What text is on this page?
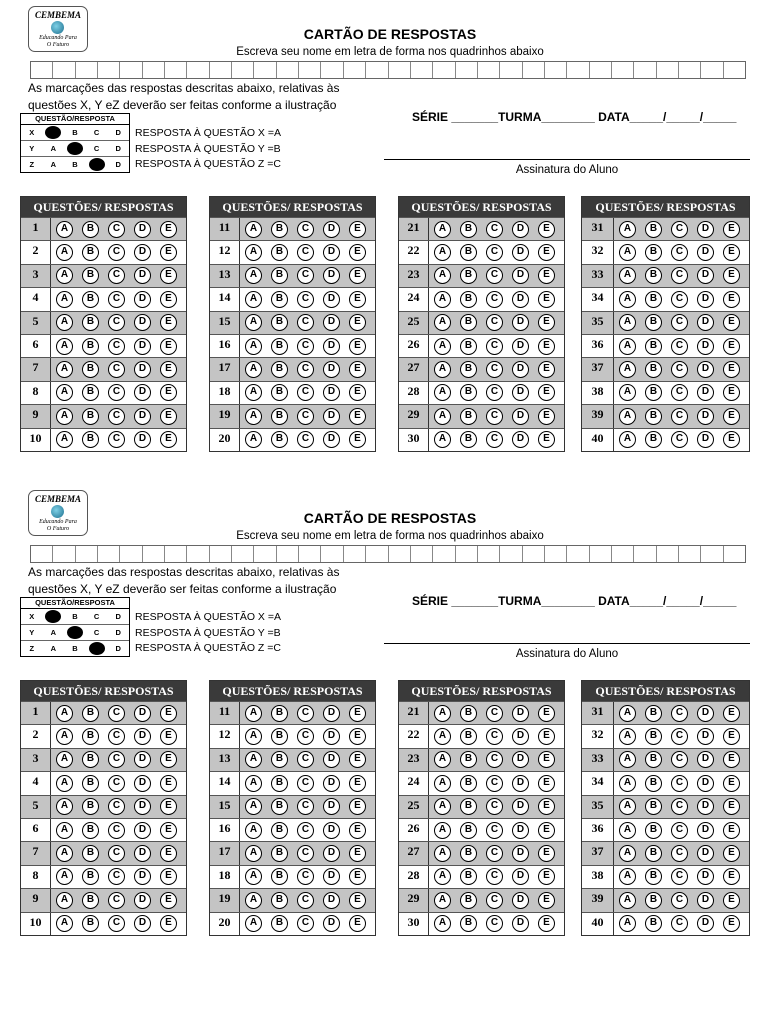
CEMBEMA
Educando Para
O Futuro
CARTÃO DE RESPOSTAS
Escreva seu nome em letra de forma nos quadrinhos abaixo
As marcações das respostas descritas abaixo, relativas às
questões X, Y eZ deverão ser feitas conforme a ilustração
QUESTÃO/RESPOSTA
X	B	C	D
Y	A	C	D
Z	A	B	D
RESPOSTA À QUESTÃO X =A
RESPOSTA À QUESTÃO Y =B
RESPOSTA À QUESTÃO Z =C
SÉRIE _______TURMA________ DATA_____/_____/_____
Assinatura do Aluno
QUESTÕES/ RESPOSTAS
1	A	B	C	D	E
2	A	B	C	D	E
3	A	B	C	D	E
4	A	B	C	D	E
5	A	B	C	D	E
6	A	B	C	D	E
7	A	B	C	D	E
8	A	B	C	D	E
9	A	B	C	D	E
10	A	B	C	D	E
QUESTÕES/ RESPOSTAS
11	A	B	C	D	E
12	A	B	C	D	E
13	A	B	C	D	E
14	A	B	C	D	E
15	A	B	C	D	E
16	A	B	C	D	E
17	A	B	C	D	E
18	A	B	C	D	E
19	A	B	C	D	E
20	A	B	C	D	E
QUESTÕES/ RESPOSTAS
21	A	B	C	D	E
22	A	B	C	D	E
23	A	B	C	D	E
24	A	B	C	D	E
25	A	B	C	D	E
26	A	B	C	D	E
27	A	B	C	D	E
28	A	B	C	D	E
29	A	B	C	D	E
30	A	B	C	D	E
QUESTÕES/ RESPOSTAS
31	A	B	C	D	E
32	A	B	C	D	E
33	A	B	C	D	E
34	A	B	C	D	E
35	A	B	C	D	E
36	A	B	C	D	E
37	A	B	C	D	E
38	A	B	C	D	E
39	A	B	C	D	E
40	A	B	C	D	E
CEMBEMA
Educando Para
O Futuro
CARTÃO DE RESPOSTAS
Escreva seu nome em letra de forma nos quadrinhos abaixo
As marcações das respostas descritas abaixo, relativas às
questões X, Y eZ deverão ser feitas conforme a ilustração
QUESTÃO/RESPOSTA
X	B	C	D
Y	A	C	D
Z	A	B	D
RESPOSTA À QUESTÃO X =A
RESPOSTA À QUESTÃO Y =B
RESPOSTA À QUESTÃO Z =C
SÉRIE _______TURMA________ DATA_____/_____/_____
Assinatura do Aluno
QUESTÕES/ RESPOSTAS
1	A	B	C	D	E
2	A	B	C	D	E
3	A	B	C	D	E
4	A	B	C	D	E
5	A	B	C	D	E
6	A	B	C	D	E
7	A	B	C	D	E
8	A	B	C	D	E
9	A	B	C	D	E
10	A	B	C	D	E
QUESTÕES/ RESPOSTAS
11	A	B	C	D	E
12	A	B	C	D	E
13	A	B	C	D	E
14	A	B	C	D	E
15	A	B	C	D	E
16	A	B	C	D	E
17	A	B	C	D	E
18	A	B	C	D	E
19	A	B	C	D	E
20	A	B	C	D	E
QUESTÕES/ RESPOSTAS
21	A	B	C	D	E
22	A	B	C	D	E
23	A	B	C	D	E
24	A	B	C	D	E
25	A	B	C	D	E
26	A	B	C	D	E
27	A	B	C	D	E
28	A	B	C	D	E
29	A	B	C	D	E
30	A	B	C	D	E
QUESTÕES/ RESPOSTAS
31	A	B	C	D	E
32	A	B	C	D	E
33	A	B	C	D	E
34	A	B	C	D	E
35	A	B	C	D	E
36	A	B	C	D	E
37	A	B	C	D	E
38	A	B	C	D	E
39	A	B	C	D	E
40	A	B	C	D	E
